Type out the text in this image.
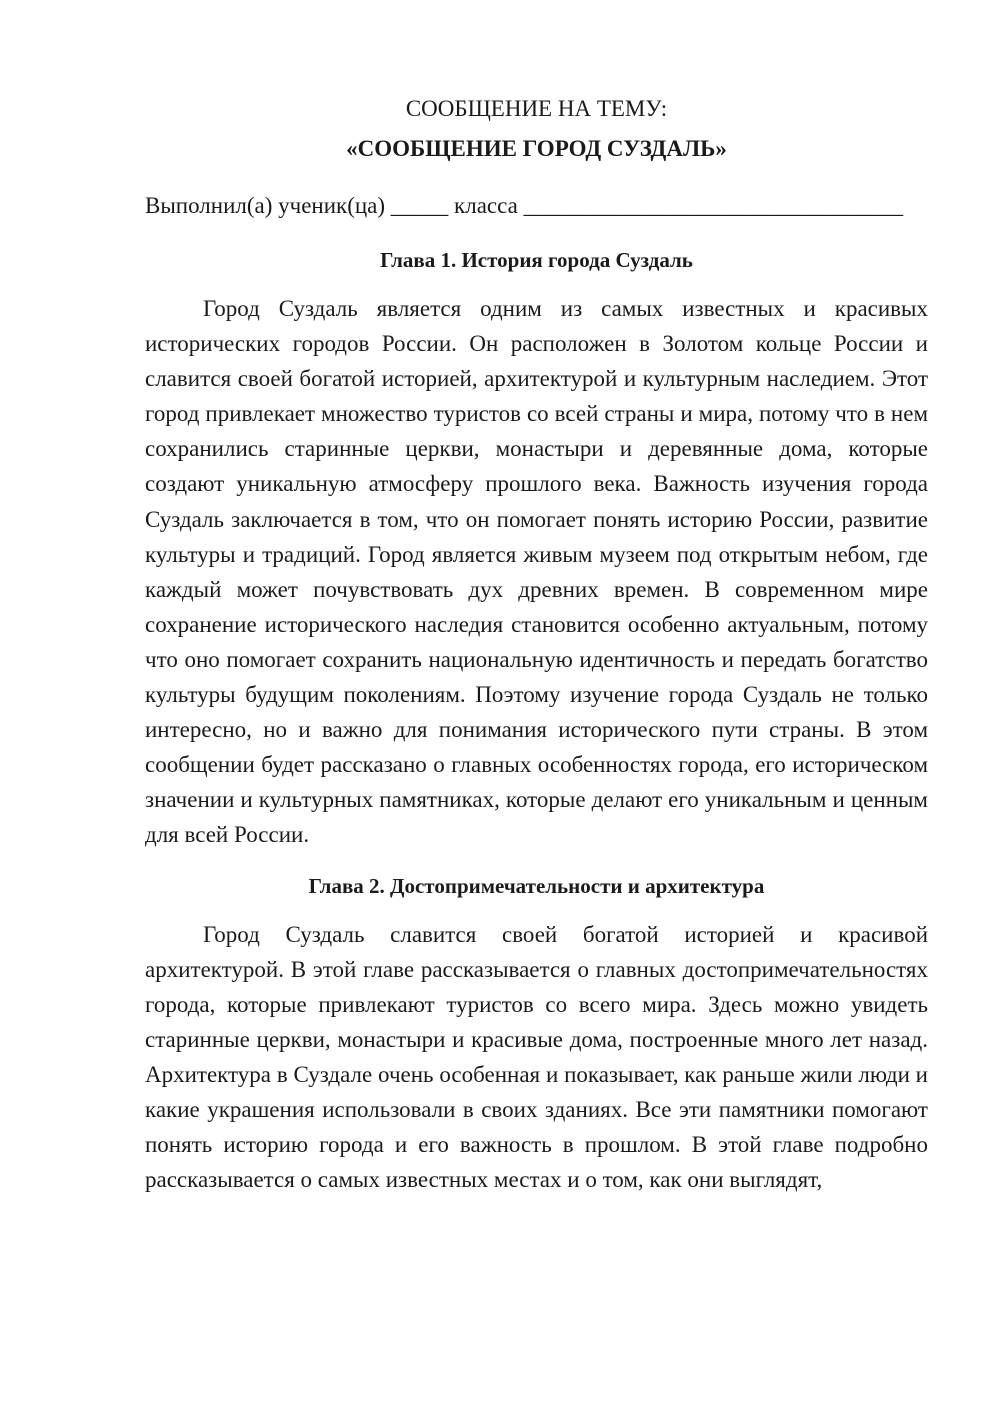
СООБЩЕНИЕ НА ТЕМУ:

«СООБЩЕНИЕ ГОРОД СУЗДАЛЬ»

Выполнил(а) ученик(ца) _____ класса _________________________________

Глава 1. История города Суздаль

Город Суздаль является одним из самых известных и красивых исторических городов России. Он расположен в Золотом кольце России и славится своей богатой историей, архитектурой и культурным наследием. Этот город привлекает множество туристов со всей страны и мира, потому что в нем сохранились старинные церкви, монастыри и деревянные дома, которые создают уникальную атмосферу прошлого века. Важность изучения города Суздаль заключается в том, что он помогает понять историю России, развитие культуры и традиций. Город является живым музеем под открытым небом, где каждый может почувствовать дух древних времен. В современном мире сохранение исторического наследия становится особенно актуальным, потому что оно помогает сохранить национальную идентичность и передать богатство культуры будущим поколениям. Поэтому изучение города Суздаль не только интересно, но и важно для понимания исторического пути страны. В этом сообщении будет рассказано о главных особенностях города, его историческом значении и культурных памятниках, которые делают его уникальным и ценным для всей России.

Глава 2. Достопримечательности и архитектура

Город Суздаль славится своей богатой историей и красивой архитектурой. В этой главе рассказывается о главных достопримечательностях города, которые привлекают туристов со всего мира. Здесь можно увидеть старинные церкви, монастыри и красивые дома, построенные много лет назад. Архитектура в Суздале очень особенная и показывает, как раньше жили люди и какие украшения использовали в своих зданиях. Все эти памятники помогают понять историю города и его важность в прошлом. В этой главе подробно рассказывается о самых известных местах и о том, как они выглядят,
